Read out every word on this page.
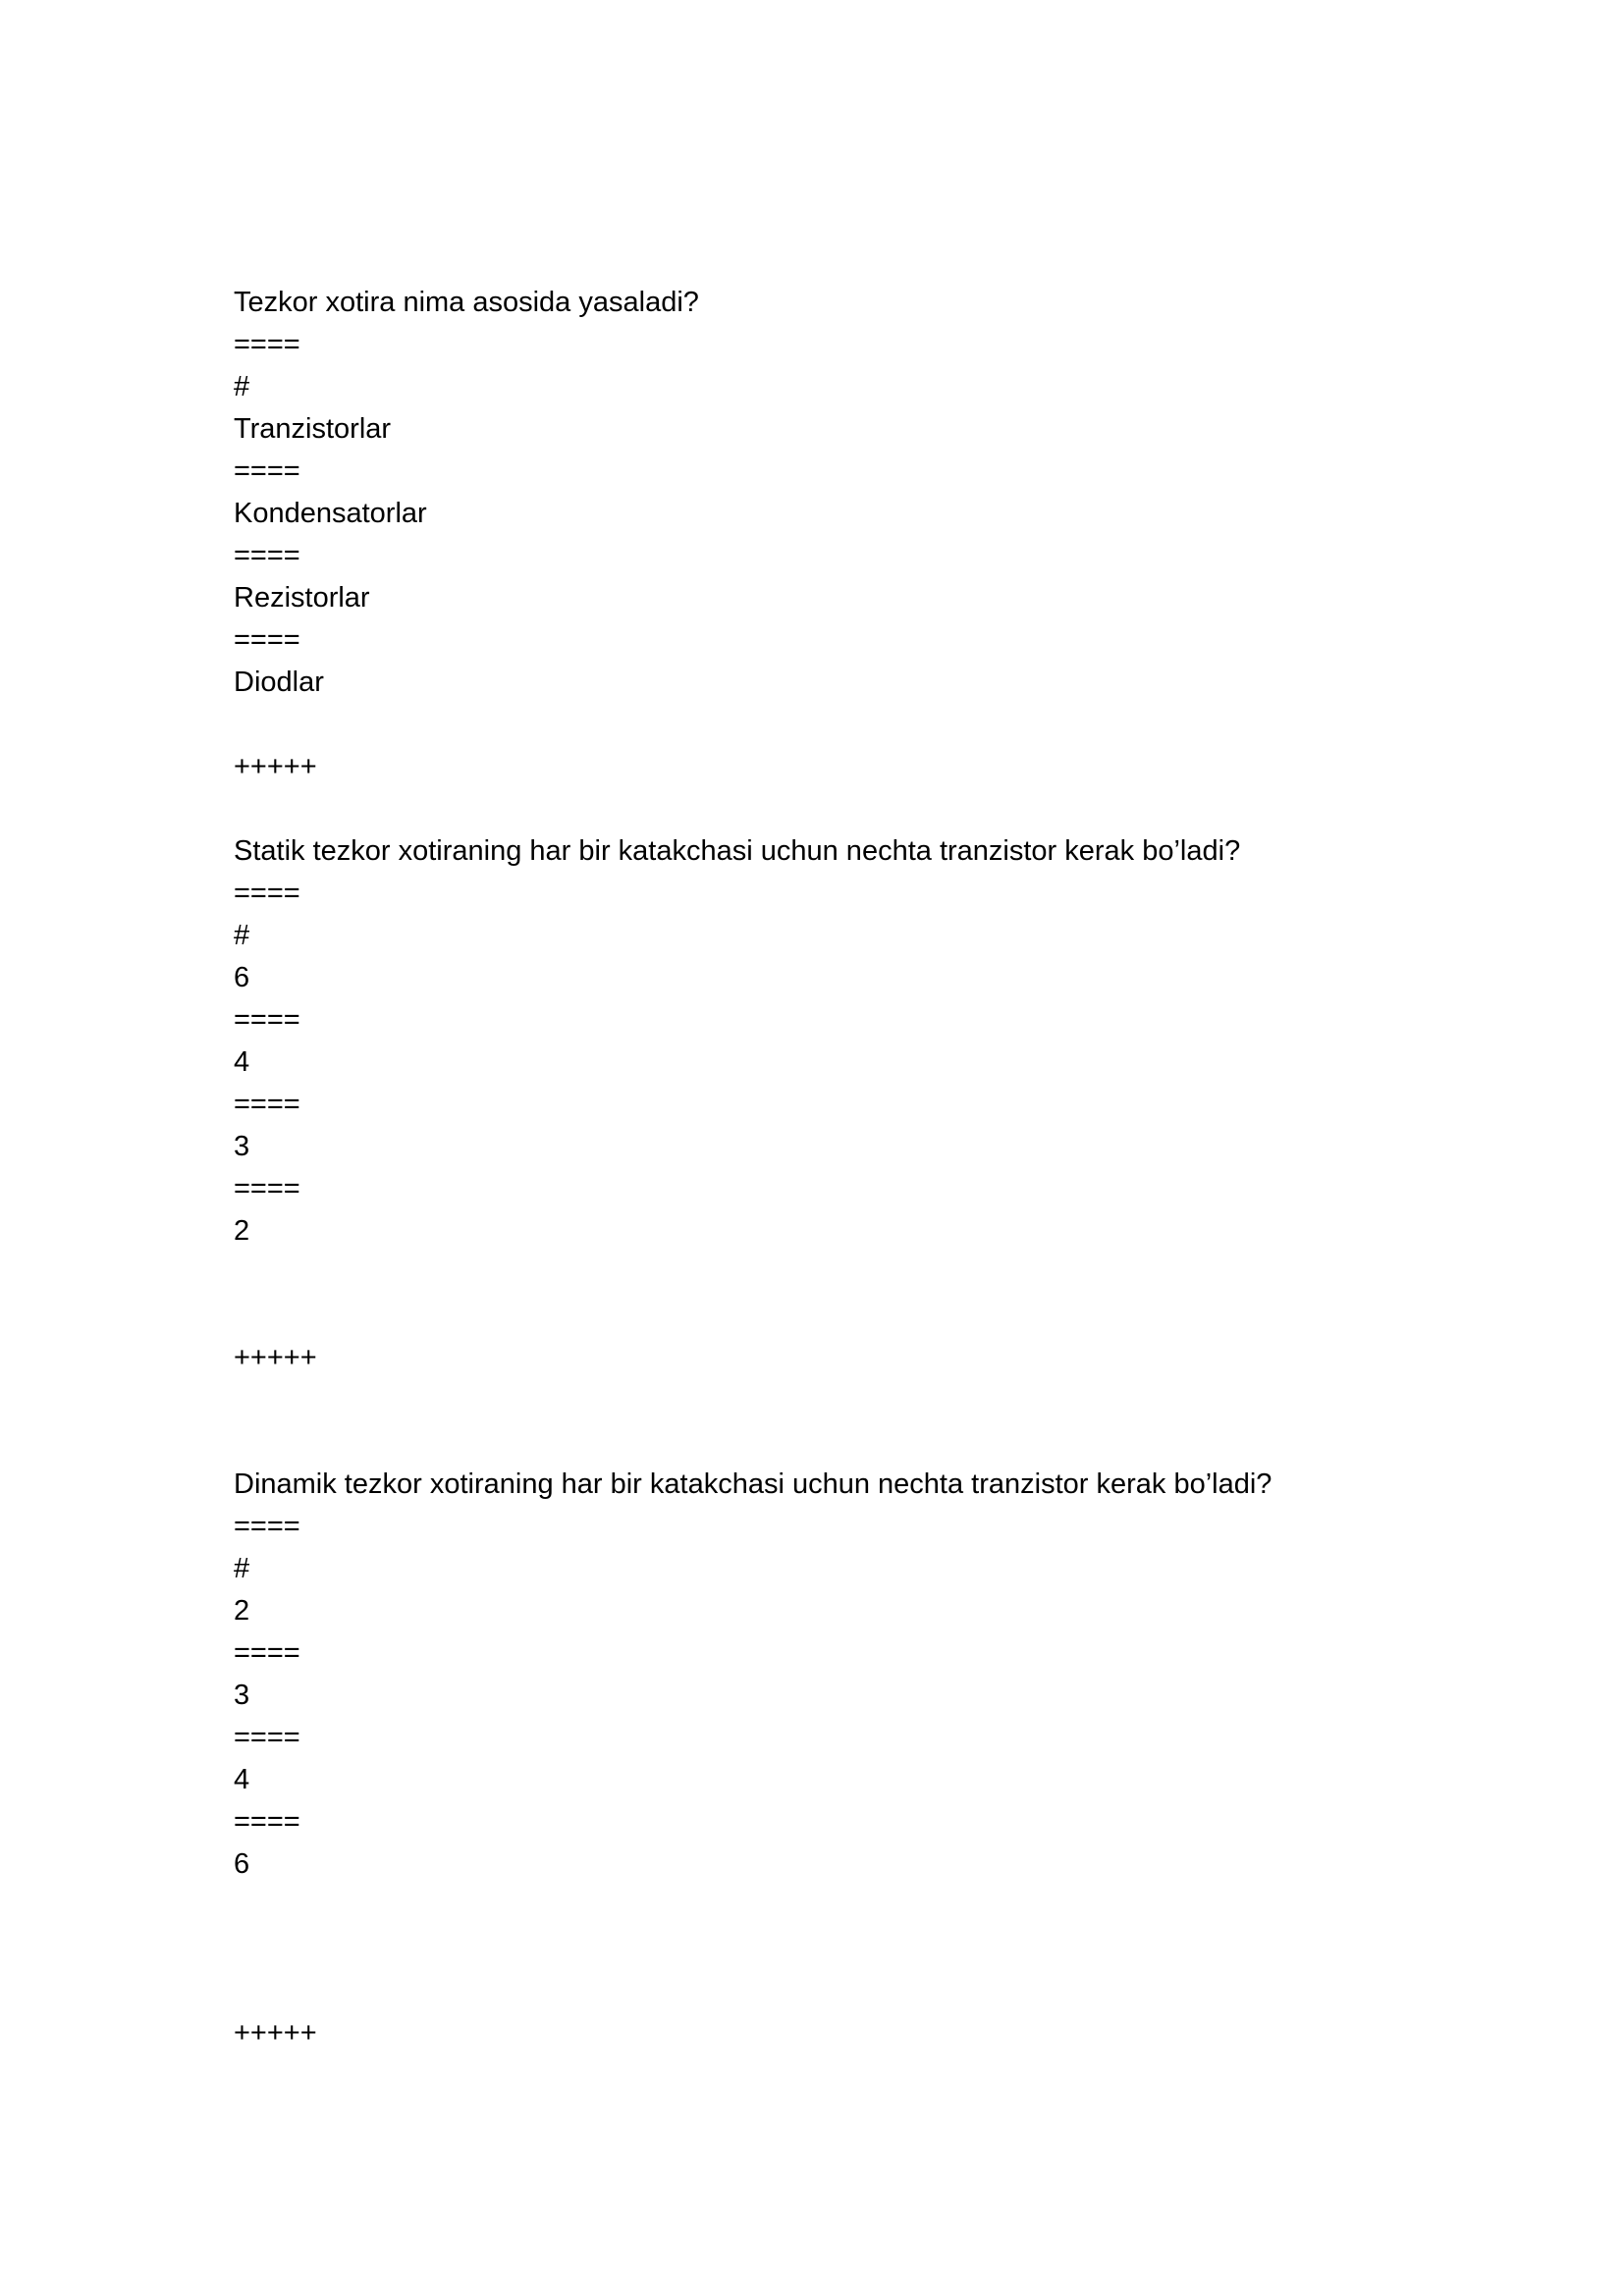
Tezkor xotira nima asosida yasaladi?
====
#
Tranzistorlar
====
Kondensatorlar
====
Rezistorlar
====
Diodlar
+++++
Statik tezkor xotiraning har bir katakchasi uchun nechta tranzistor kerak bo’ladi?
====
#
6
====
4
====
3
====
2
+++++
Dinamik tezkor xotiraning har bir katakchasi uchun nechta tranzistor kerak bo’ladi?
====
#
2
====
3
====
4
====
6
+++++
